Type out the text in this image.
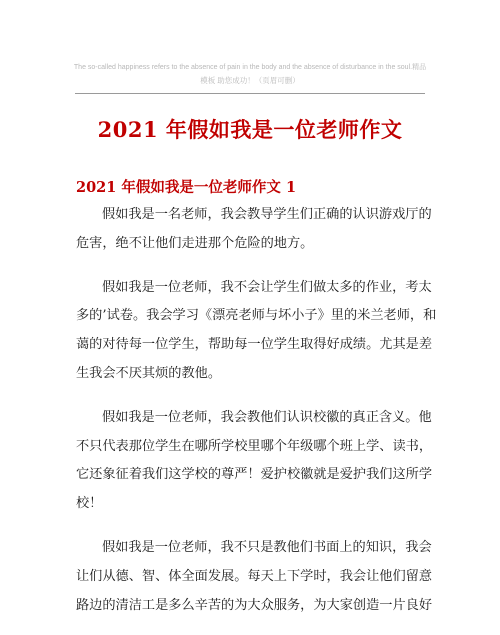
The so-called happiness refers to the absence of pain in the body and the absence of disturbance in the soul.精品
模板 助您成功！（页眉可删）
2021 年假如我是一位老师作文
2021 年假如我是一位老师作文 1

假如我是一名老师，我会教导学生们正确的认识游戏厅的
危害，绝不让他们走进那个危险的地方。

假如我是一位老师，我不会让学生们做太多的作业，考太
多的’试卷。我会学习《漂亮老师与坏小子》里的米兰老师，和
蔼的对待每一位学生，帮助每一位学生取得好成绩。尤其是差
生我会不厌其烦的教他。

假如我是一位老师，我会教他们认识校徽的真正含义。他
不只代表那位学生在哪所学校里哪个年级哪个班上学、读书，
它还象征着我们这学校的尊严！爱护校徽就是爱护我们这所学
校！

假如我是一位老师，我不只是教他们书面上的知识，我会
让们从德、智、体全面发展。每天上下学时，我会让他们留意
路边的清洁工是多么辛苦的为大众服务，为大家创造一片良好
